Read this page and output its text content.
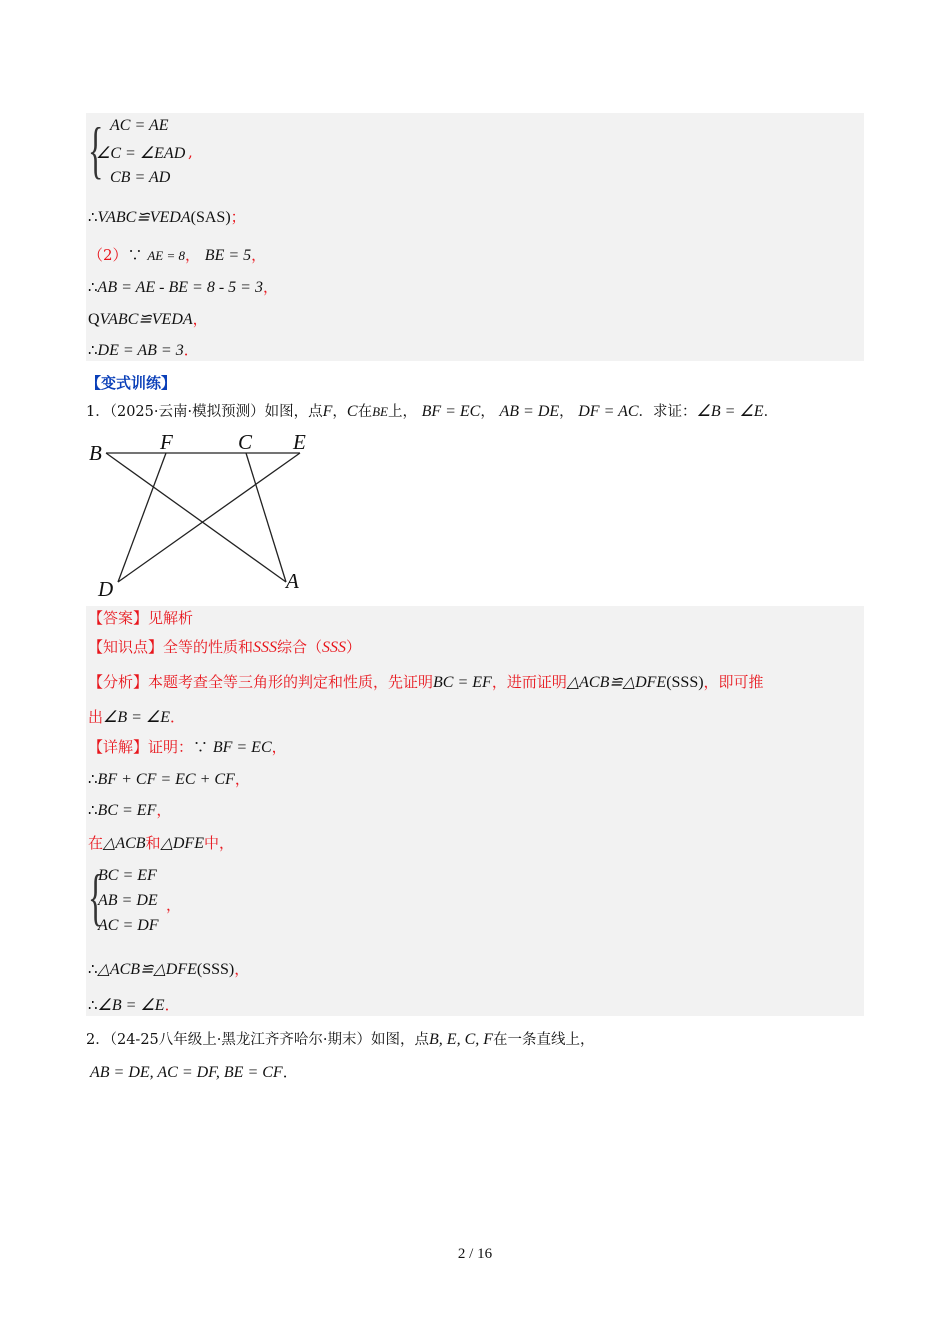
{ AC = AE
∠C = ∠EAD ,
CB = AD
∴VABC≌VEDA(SAS)；
（2）∵ AE = 8， BE = 5，
∴AB = AE - BE = 8 - 5 = 3，
QVABC≌VEDA，
∴DE = AB = 3．
【变式训练】
1．（2025·云南·模拟预测）如图，点F，C在BE上， BF = EC， AB = DE， DF = AC．求证：∠B = ∠E．
B	F	C E
D	A
【答案】见解析
【知识点】全等的性质和SSS综合（SSS）
【分析】本题考查全等三角形的判定和性质，先证明BC = EF，进而证明△ACB≌△DFE(SSS)，即可推
出∠B = ∠E．
【详解】证明：∵ BF = EC，
∴BF + CF = EC + CF，
∴BC = EF，
在△ACB和△DFE中，
{
BC = EF
AB = DE ，
AC = DF
∴△ACB≌△DFE(SSS)，
∴∠B = ∠E．
2．（24-25八年级上·黑龙江齐齐哈尔·期末）如图，点B, E, C, F在一条直线上，
AB = DE, AC = DF, BE = CF．
2 / 16
